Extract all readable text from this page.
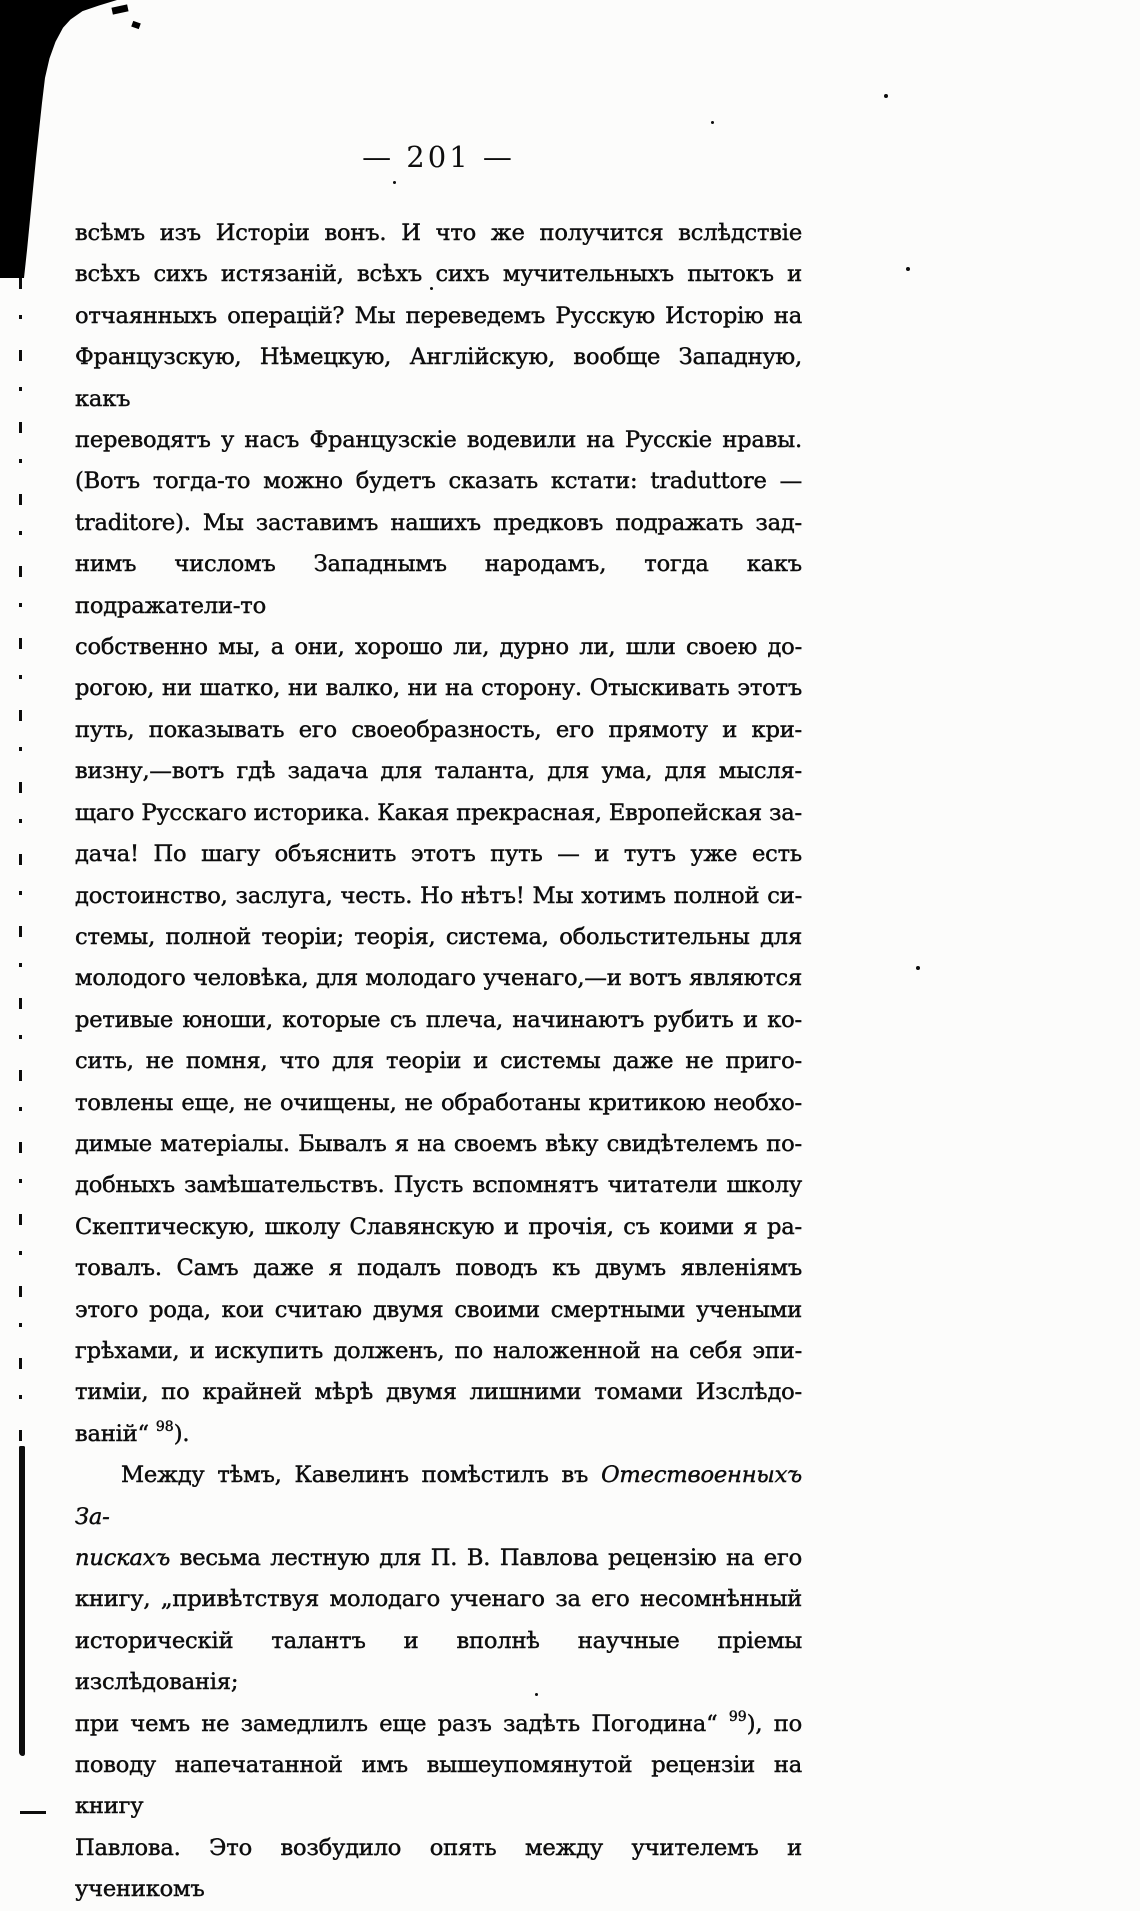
— 201 —
всѣмъ изъ Исторіи вонъ. И что же получится вслѣдствіе
всѣхъ сихъ истязаній, всѣхъ сихъ мучительныхъ пытокъ и
отчаянныхъ операцій? Мы переведемъ Русскую Исторію на
Французскую, Нѣмецкую, Англійскую, вообще Западную, какъ
переводятъ у насъ Французскіе водевили на Русскіе нравы.
(Вотъ тогда-то можно будетъ сказать кстати: traduttore —
traditore). Мы заставимъ нашихъ предковъ подражать зад-
нимъ числомъ Западнымъ народамъ, тогда какъ подражатели-то
собственно мы, а они, хорошо ли, дурно ли, шли своею до-
рогою, ни шатко, ни валко, ни на сторону. Отыскивать этотъ
путь, показывать его своеобразность, его прямоту и кри-
визну,—вотъ гдѣ задача для таланта, для ума, для мысля-
щаго Русскаго историка. Какая прекрасная, Европейская за-
дача! По шагу объяснить этотъ путь — и тутъ уже есть
достоинство, заслуга, честь. Но нѣтъ! Мы хотимъ полной си-
стемы, полной теоріи; теорія, система, обольстительны для
молодого человѣка, для молодаго ученаго,—и вотъ являются
ретивые юноши, которые съ плеча, начинаютъ рубить и ко-
сить, не помня, что для теоріи и системы даже не приго-
товлены еще, не очищены, не обработаны критикою необхо-
димые матеріалы. Бывалъ я на своемъ вѣку свидѣтелемъ по-
добныхъ замѣшательствъ. Пусть вспомнятъ читатели школу
Скептическую, школу Славянскую и прочія, съ коими я ра-
товалъ. Самъ даже я подалъ поводъ къ двумъ явленіямъ
этого рода, кои считаю двумя своими смертными учеными
грѣхами, и искупить долженъ, по наложенной на себя эпи-
тиміи, по крайней мѣрѣ двумя лишними томами Изслѣдо-
ваній“ $^{98}$).
Между тѣмъ, Кавелинъ помѣстилъ въ Отествоенныхъ За-
пискахъ весьма лестную для П. В. Павлова рецензію на его
книгу, „привѣтствуя молодаго ученаго за его несомнѣнный
историческій талантъ и вполнѣ научные пріемы изслѣдованія;
при чемъ не замедлилъ еще разъ задѣть Погодина“ $^{99}$), по
поводу напечатанной имъ вышеупомянутой рецензіи на книгу
Павлова. Это возбудило опять между учителемъ и ученикомъ
